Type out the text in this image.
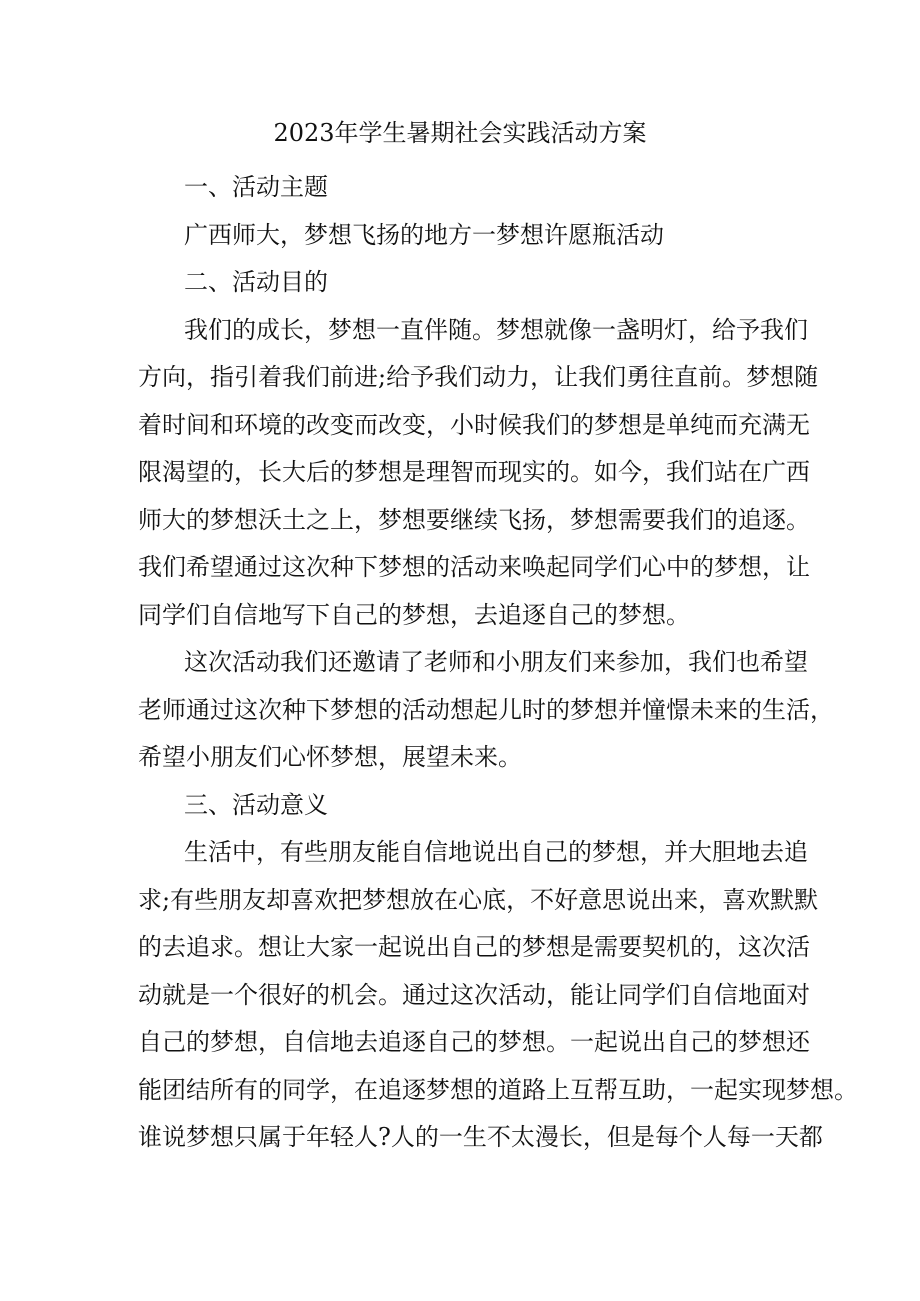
2023年学生暑期社会实践活动方案
一、活动主题
广西师大，梦想飞扬的地方一梦想许愿瓶活动
二、活动目的
我们的成长，梦想一直伴随。梦想就像一盏明灯，给予我们
方向，指引着我们前进;给予我们动力，让我们勇往直前。梦想随
着时间和环境的改变而改变，小时候我们的梦想是单纯而充满无
限渴望的，长大后的梦想是理智而现实的。如今，我们站在广西
师大的梦想沃土之上，梦想要继续飞扬，梦想需要我们的追逐。
我们希望通过这次种下梦想的活动来唤起同学们心中的梦想，让
同学们自信地写下自己的梦想，去追逐自己的梦想。
这次活动我们还邀请了老师和小朋友们来参加，我们也希望
老师通过这次种下梦想的活动想起儿时的梦想并憧憬未来的生活，
希望小朋友们心怀梦想，展望未来。
三、活动意义
生活中，有些朋友能自信地说出自己的梦想，并大胆地去追
求;有些朋友却喜欢把梦想放在心底，不好意思说出来，喜欢默默
的去追求。想让大家一起说出自己的梦想是需要契机的，这次活
动就是一个很好的机会。通过这次活动，能让同学们自信地面对
自己的梦想，自信地去追逐自己的梦想。一起说出自己的梦想还
能团结所有的同学，在追逐梦想的道路上互帮互助，一起实现梦想。
谁说梦想只属于年轻人?人的一生不太漫长，但是每个人每一天都
